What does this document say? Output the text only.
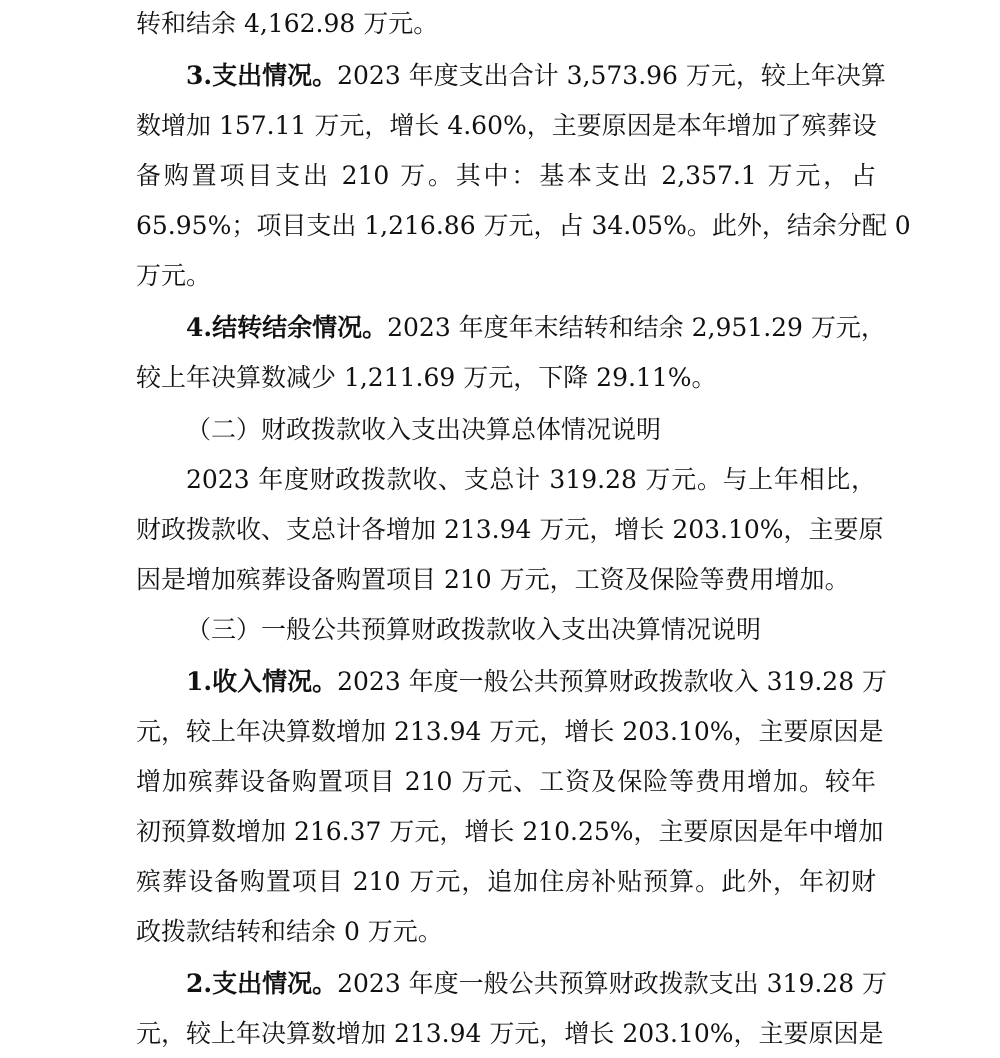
转和结余 4,162.98 万元。
3.支出情况。2023 年度支出合计 3,573.96 万元，较上年决算
数增加 157.11 万元，增长 4.60%，主要原因是本年增加了殡葬设
备购置项目支出 210 万。其中：基本支出 2,357.1 万元，占
65.95%；项目支出 1,216.86 万元，占 34.05%。此外，结余分配 0
万元。
4.结转结余情况。2023 年度年末结转和结余 2,951.29 万元，
较上年决算数减少 1,211.69 万元，下降 29.11%。
（二）财政拨款收入支出决算总体情况说明
2023 年度财政拨款收、支总计 319.28 万元。与上年相比，
财政拨款收、支总计各增加 213.94 万元，增长 203.10%，主要原
因是增加殡葬设备购置项目 210 万元，工资及保险等费用增加。
（三）一般公共预算财政拨款收入支出决算情况说明
1.收入情况。2023 年度一般公共预算财政拨款收入 319.28 万
元，较上年决算数增加 213.94 万元，增长 203.10%，主要原因是
增加殡葬设备购置项目 210 万元、工资及保险等费用增加。较年
初预算数增加 216.37 万元，增长 210.25%，主要原因是年中增加
殡葬设备购置项目 210 万元，追加住房补贴预算。此外，年初财
政拨款结转和结余 0 万元。
2.支出情况。2023 年度一般公共预算财政拨款支出 319.28 万
元，较上年决算数增加 213.94 万元，增长 203.10%，主要原因是
